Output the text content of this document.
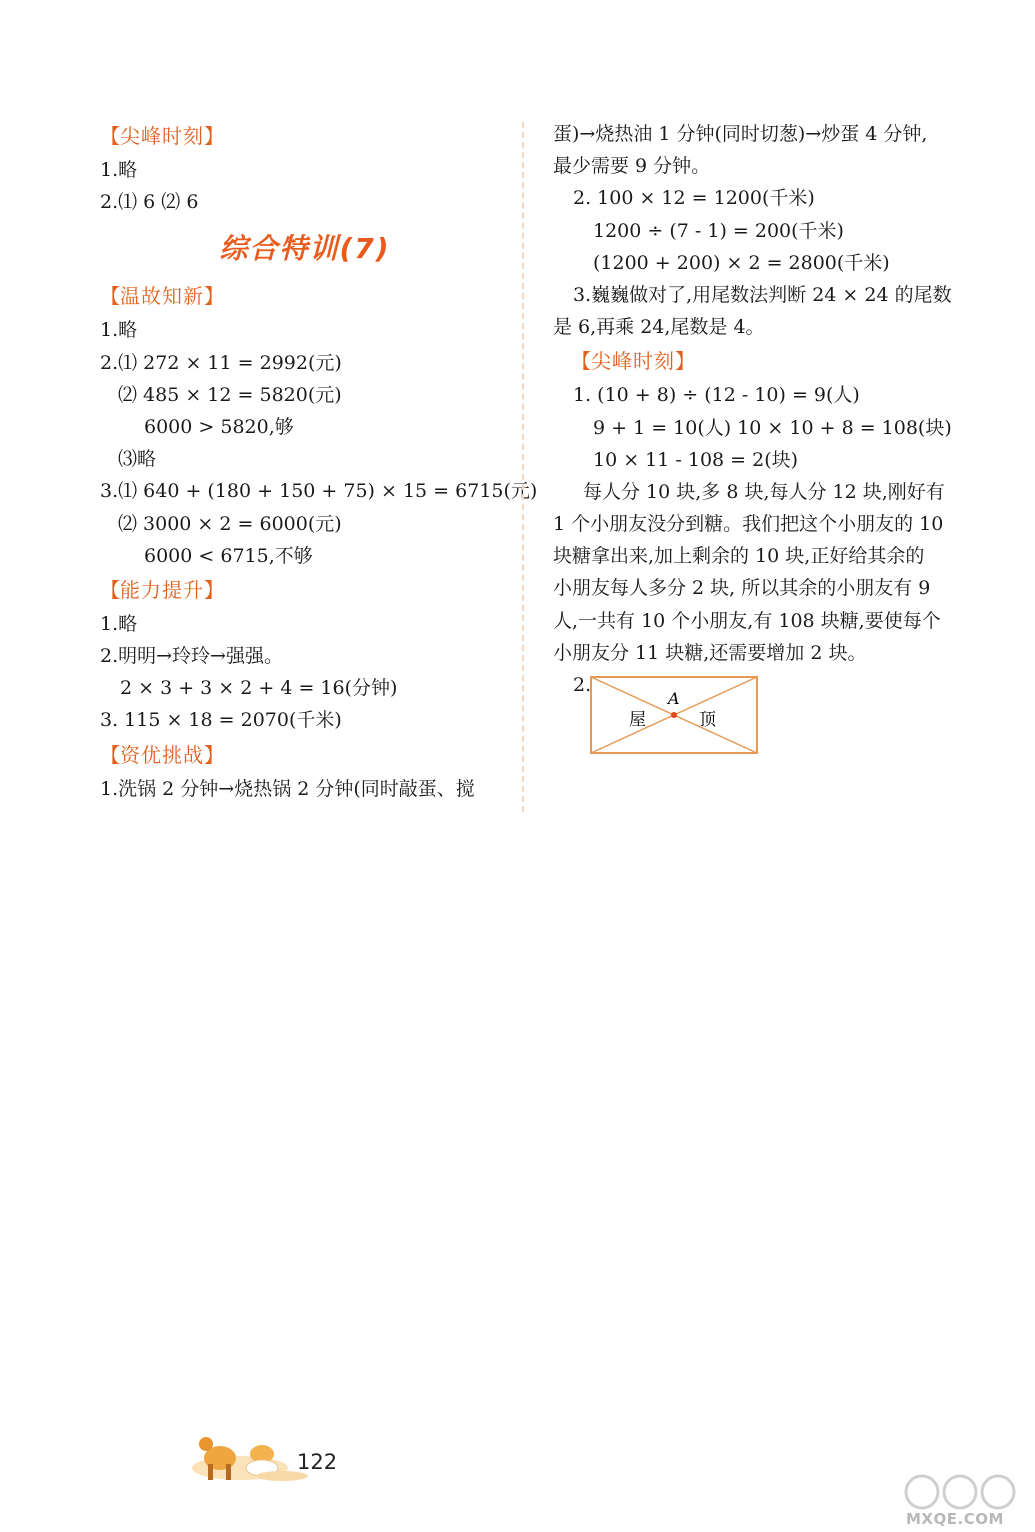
【尖峰时刻】
1.略
2.⑴ 6 ⑵ 6
综合特训(7)
【温故知新】
1.略
2.⑴ 272 × 11 = 2992(元)
⑵ 485 × 12 = 5820(元)
6000 > 5820,够
⑶略
3.⑴ 640 + (180 + 150 + 75) × 15 = 6715(元)
⑵ 3000 × 2 = 6000(元)
6000 < 6715,不够
【能力提升】
1.略
2.明明→玲玲→强强。
2 × 3 + 3 × 2 + 4 = 16(分钟)
3. 115 × 18 = 2070(千米)
【资优挑战】
1.洗锅 2 分钟→烧热锅 2 分钟(同时敲蛋、搅
蛋)→烧热油 1 分钟(同时切葱)→炒蛋 4 分钟,
最少需要 9 分钟。
2. 100 × 12 = 1200(千米)
1200 ÷ (7 - 1) = 200(千米)
(1200 + 200) × 2 = 2800(千米)
3.巍巍做对了,用尾数法判断 24 × 24 的尾数
是 6,再乘 24,尾数是 4。
【尖峰时刻】
1. (10 + 8) ÷ (12 - 10) = 9(人)
9 + 1 = 10(人) 10 × 10 + 8 = 108(块)
10 × 11 - 108 = 2(块)
每人分 10 块,多 8 块,每人分 12 块,刚好有
1 个小朋友没分到糖。我们把这个小朋友的 10
块糖拿出来,加上剩余的 10 块,正好给其余的
小朋友每人多分 2 块, 所以其余的小朋友有 9
人,一共有 10 个小朋友,有 108 块糖,要使每个
小朋友分 11 块糖,还需要增加 2 块。
2.
A
屋	顶
122
MXQE.COM
